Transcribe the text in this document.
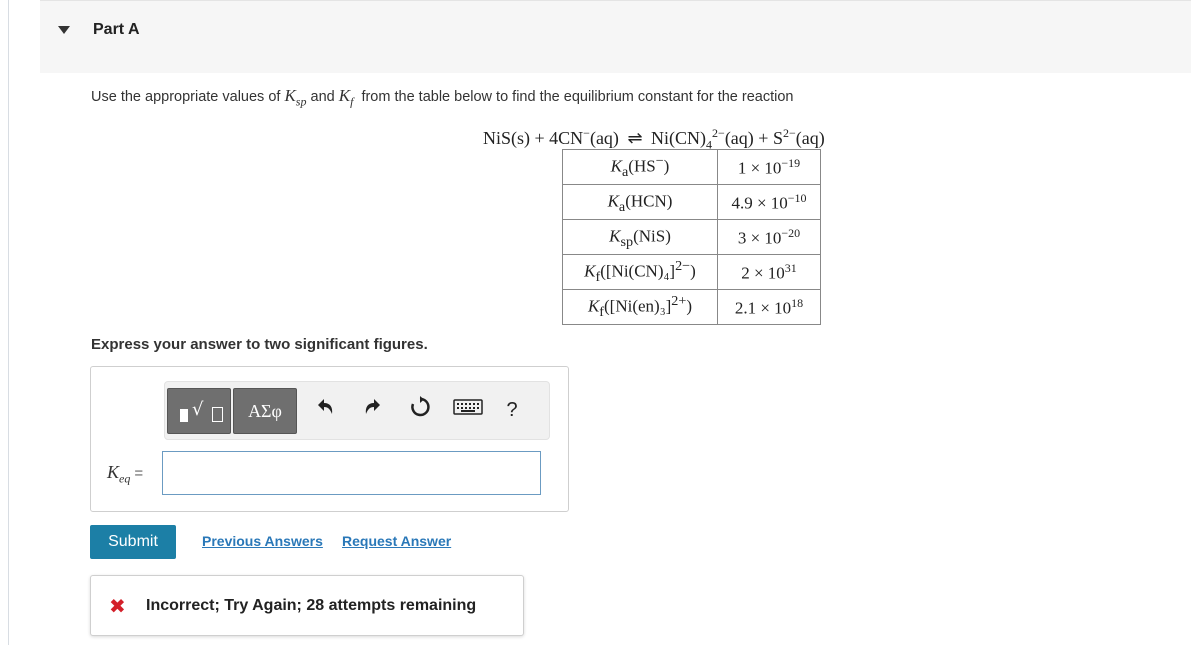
Part A
Use the appropriate values of $K_{sp}$ and $K_f$ from the table below to find the equilibrium constant for the reaction
NiS(s) + 4CN−(aq) ⇌ $Ni(CN)_4^{2-}(aq) + S^{2-}(aq)$
$K_a(HS^-)$	$1 \times 10^{-19}$
$K_a(HCN)$	$4.9 \times 10^{-10}$
$K_{sp}(NiS)$	$3 \times 10^{-20}$
$K_f([Ni(CN)_4]^{2-})$	$2 \times 10^{31}$
$K_f([Ni(en)_3]^{2+})$	$2.1 \times 10^{18}$
Express your answer to two significant figures.
√	ΑΣφ	?
$K_{eq}$ =
Submit	Previous Answers Request Answer
✖ Incorrect; Try Again; 28 attempts remaining
